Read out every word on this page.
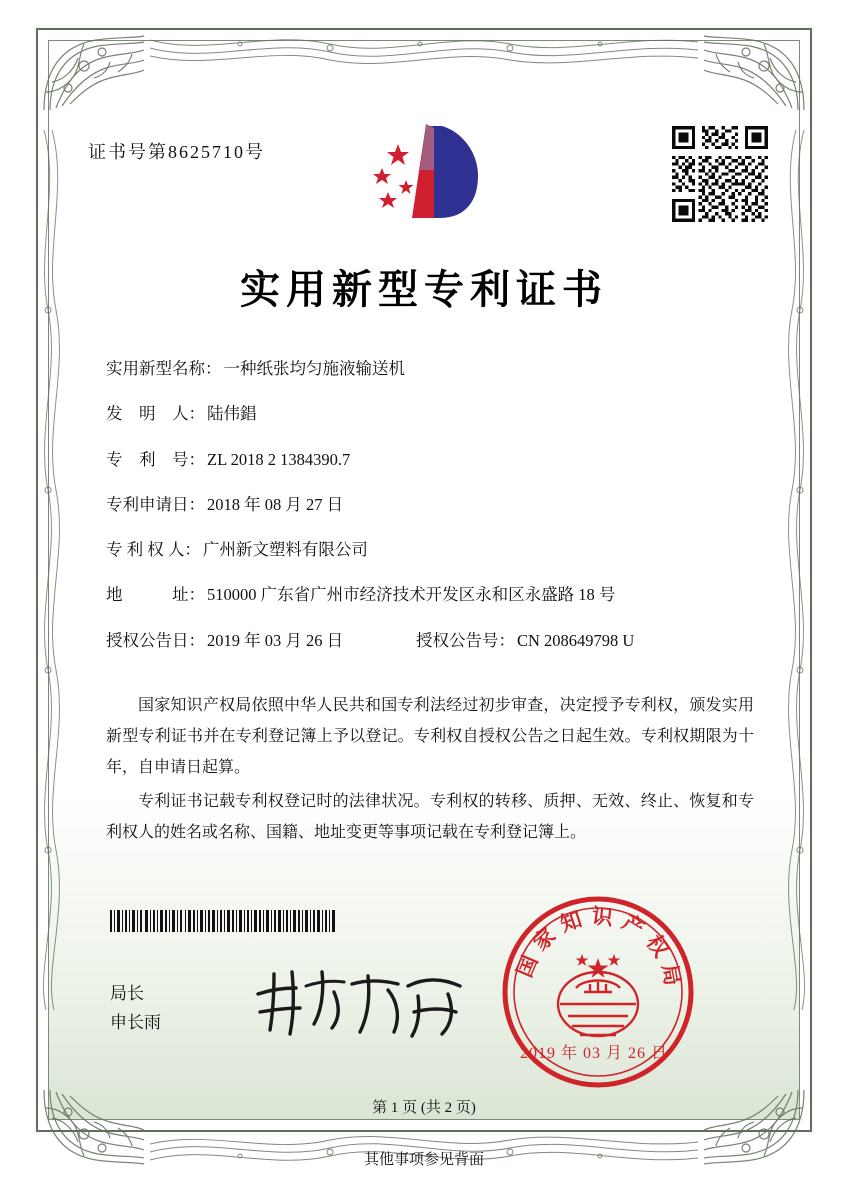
证书号第8625710号
实用新型专利证书
实用新型名称： 一种纸张均匀施液输送机
发　明　人： 陆伟錩
专　利　号： ZL 2018 2 1384390.7
专利申请日： 2018 年 08 月 27 日
专 利 权 人： 广州新文塑料有限公司
地　　　址： 510000 广东省广州市经济技术开发区永和区永盛路 18 号
授权公告日： 2019 年 03 月 26 日	授权公告号： CN 208649798 U

国家知识产权局依照中华人民共和国专利法经过初步审查，决定授予专利权，颁发实用新型专利证书并在专利登记簿上予以登记。专利权自授权公告之日起生效。专利权期限为十年，自申请日起算。

专利证书记载专利权登记时的法律状况。专利权的转移、质押、无效、终止、恢复和专利权人的姓名或名称、国籍、地址变更等事项记载在专利登记簿上。

局长
申长雨
国家知识产权局
2019 年 03 月 26 日
第 1 页 (共 2 页)
其他事项参见背面
